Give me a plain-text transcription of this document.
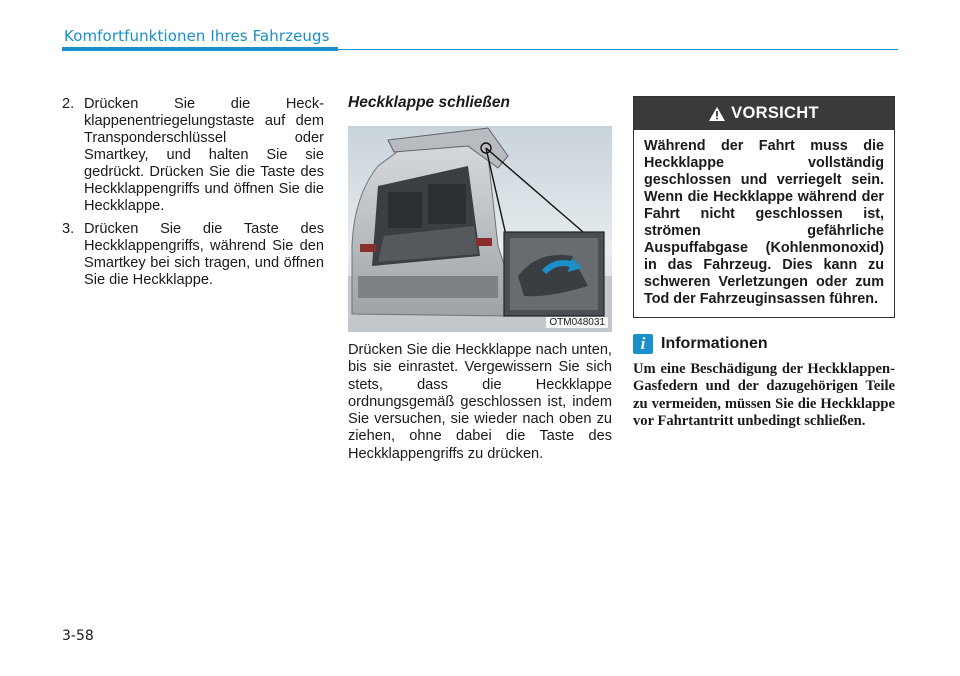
Komfortfunktionen Ihres Fahrzeugs
2. Drücken Sie die Heckklappenentriegelungstaste auf dem Transponderschlüssel oder Smartkey, und halten Sie sie gedrückt. Drücken Sie die Taste des Heckklappengriffs und öffnen Sie die Heckklappe.
3. Drücken Sie die Taste des Heckklappengriffs, während Sie den Smartkey bei sich tragen, und öffnen Sie die Heckklappe.
Heckklappe schließen
OTM048031
Drücken Sie die Heckklappe nach unten, bis sie einrastet. Vergewissern Sie sich stets, dass die Heckklappe ordnungsgemäß geschlossen ist, indem Sie versuchen, sie wieder nach oben zu ziehen, ohne dabei die Taste des Heckklappengriffs zu drücken.
VORSICHT
Während der Fahrt muss die Heckklappe vollständig geschlossen und verriegelt sein. Wenn die Heckklappe während der Fahrt nicht geschlossen ist, strömen gefährliche Auspuffabgase (Kohlenmonoxid) in das Fahrzeug. Dies kann zu schweren Verletzungen oder zum Tod der Fahrzeuginsassen führen.
i Informationen
Um eine Beschädigung der Heckklappen-Gasfedern und der dazugehörigen Teile zu vermeiden, müssen Sie die Heckklappe vor Fahrtantritt unbedingt schließen.
3-58
